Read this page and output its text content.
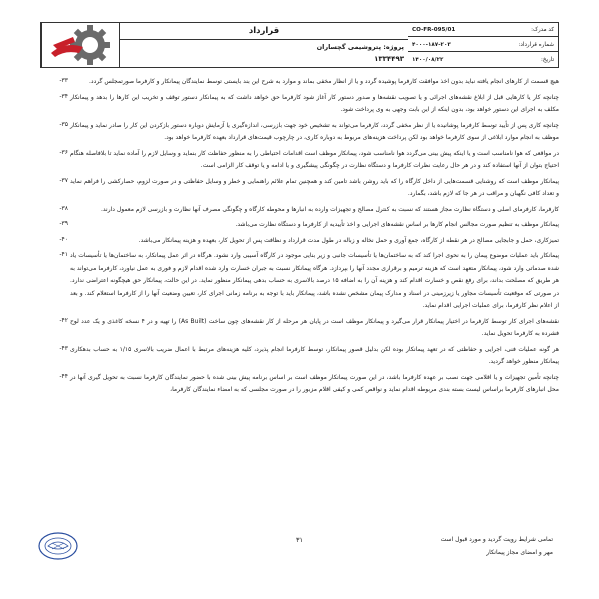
کد مدرک:
CO-FR-095/01
شماره قرارداد:
۴۰۰۰-۱۸۷-۲۰۳
تاریخ:
۱۴۰۰/۰۸/۲۲
قرارداد
پروژه: پتروشیمی گچساران
۱۳۳۴۴۹۳
هیچ قسمت از کارهای انجام یافته نباید بدون اخذ موافقت کارفرما پوشیده گردد و یا از انظار مخفی بماند و موارد به شرح این بند بایستی توسط نمایندگان پیمانکار و کارفرما صورتمجلس گردد.
-۳۳
چنانچه کار یا کارهایی قبل از ابلاغ نقشه‌های اجرائی و یا تصویب نقشه‌ها و صدور دستور کار آغاز شود کارفرما حق خواهد داشت که به پیمانکار دستور توقف و تخریب این کارها را بدهد و پیمانکار مکلف به اجرای این دستور خواهد بود، بدون اینکه از این بابت وجهی به وی پرداخت شود.
-۳۴
چنانچه کاری پس از تأیید توسط کارفرما پوشانیده یا از نظر مخفی گردد، کارفرما می‌تواند به تشخیص خود جهت بازرسی، اندازه‌گیری یا آزمایش دوباره دستور بازکردن این کار را صادر نماید و پیمانکار موظف به انجام موارد ابلاغی از سوی کارفرما خواهد بود لکن پرداخت هزینه‌های مربوط به دوباره کاری، در چارچوب قیمت‌های قرارداد بعهده کارفرما خواهد بود.
-۳۵
در مواقعی که هوا نامناسب است و یا اینکه پیش بینی می‌گردد هوا نامناسب شود، پیمانکار موظف است اقدامات احتیاطی را به منظور حفاظت کار بنماید و وسایل لازم را آماده نماید تا بلافاصله هنگام احتیاج بتوان از آنها استفاده کند و در هر حال رعایت نظرات کارفرما و دستگاه نظارت در چگونگی پیشگیری و یا ادامه و یا توقف کار الزامی است.
-۳۶
پیمانکار موظف است که روشنایی قسمت‌هایی از داخل کارگاه را که باید روشن باشد تامین کند و همچنین تمام علائم راهنمایی و خطر و وسایل حفاظتی و در صورت لزوم، حصارکشی را فراهم نماید و تعداد کافی نگهبان و مراقب در هر جا که لازم باشد، بگمارد.
-۳۷
کارفرما، کارفرمای اصلی و دستگاه نظارت مجاز هستند که نسبت به کنترل مصالح و تجهیزات وارده به انبارها و محوطه کارگاه و چگونگی مصرف آنها نظارت و بازرسی لازم معمول دارند.
-۳۸
پیمانکار موظف به تنظیم صورت مجالس انجام کارها بر اساس نقشه‌های اجرایی و اخذ تأییدیه از کارفرما و دستگاه نظارت می‌باشد.
-۳۹
تمیزکاری، حمل و جابجایی مصالح در هر نقطه از کارگاه، جمع آوری و حمل نخاله و زباله در طول مدت قرارداد و نظافت پس از تحویل کار، بعهده و هزینه پیمانکار می‌باشد.
-۴۰
پیمانکار باید عملیات موضوع پیمان را به نحوی اجرا کند که به ساختمان‌ها یا تأسیسات جانبی و زیر بنایی موجود در کارگاه آسیبی وارد نشود. هرگاه در اثر عمل پیمانکار، به ساختمان‌ها یا تأسیسات یاد شده صدماتی وارد شود، پیمانکار متعهد است که هزینه ترمیم و برقراری مجدد آنها را بپردازد. هرگاه پیمانکار نسبت به جبران خسارت وارد شده اقدام لازم و فوری به عمل نیاورد، کارفرما می‌تواند به هر طریق که مصلحت بداند، برای رفع نقص و خسارت اقدام کند و هزینه آن را به اضافه ۱۵ درصد بالاسری به حساب بدهی پیمانکار منظور نماید. در این حالت، پیمانکار حق هیچگونه اعتراضی ندارد. در صورتی که موقعیت تأسیسات مجاور یا زیرزمینی در اسناد و مدارک پیمان مشخص نشده باشد، پیمانکار باید با توجه به برنامه زمانی اجرای کار، تعیین وضعیت آنها را از کارفرما استعلام کند. و بعد از اعلام نظر کارفرما، برای عملیات اجرایی اقدام نماید.
-۴۱
نقشه‌های اجرای کار توسط کارفرما در اختیار پیمانکار قرار می‌گیرد و پیمانکار موظف است در پایان هر مرحله از کار نقشه‌های چون ساخت (As Built) را تهیه و در ۴ نسخه کاغذی و یک عدد لوح فشرده به کارفرما تحویل نماید.
-۴۲
هر گونه عملیات فنی، اجرایی و حفاظتی که در تعهد پیمانکار بوده لکن بدلیل قصور پیمانکار، توسط کارفرما انجام پذیرد، کلیه هزینه‌های مرتبط با اعمال ضریب بالاسری ۱/۱۵ به حساب بدهکاری پیمانکار منظور خواهد گردید.
-۴۳
چنانچه تأمین تجهیزات و یا اقلامی جهت نصب بر عهده کارفرما باشد، در این صورت پیمانکار موظف است بر اساس برنامه پیش بینی شده با حضور نمایندگان کارفرما نسبت به تحویل گیری آنها در محل انبارهای کارفرما براساس لیست بسته بندی مربوطه اقدام نماید و نواقص کمی و کیفی اقلام مزبور را در صورت مجلسی که به امضاء نمایندگان کارفرما،
-۴۴
تمامی شرایط رویت گردید و مورد قبول است
مهر و امضای مجاز پیمانکار
۳۱
